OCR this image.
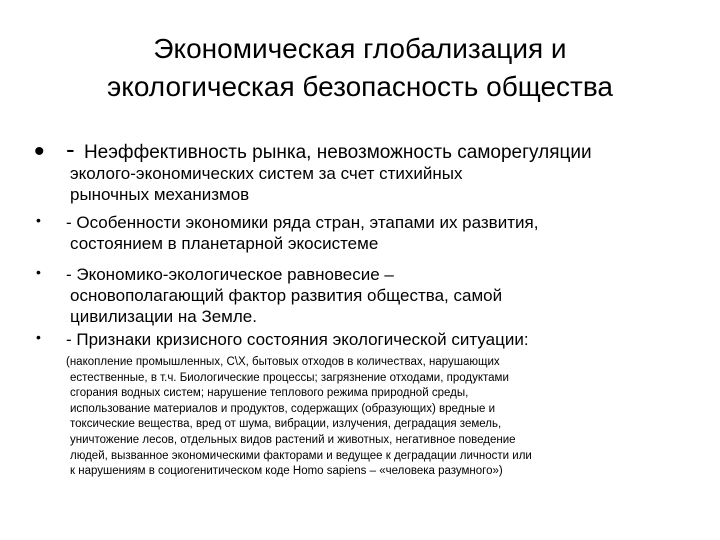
Экономическая глобализация и
экологическая безопасность общества
• - Неэффективность рынка, невозможность саморегуляции
эколого-экономических систем за счет стихийных
рыночных механизмов
• - Особенности экономики ряда стран, этапами их развития,
состоянием в планетарной экосистеме
• - Экономико-экологическое равновесие –
основополагающий фактор развития общества, самой
цивилизации на Земле.
• - Признаки кризисного состояния экологической ситуации:
(накопление промышленных, С\Х, бытовых отходов в количествах, нарушающих
естественные, в т.ч. Биологические процессы; загрязнение отходами, продуктами
сгорания водных систем; нарушение теплового режима природной среды,
использование материалов и продуктов, содержащих (образующих) вредные и
токсические вещества, вред от шума, вибрации, излучения, деградация земель,
уничтожение лесов, отдельных видов растений и животных, негативное поведение
людей, вызванное экономическими факторами и ведущее к деградации личности или
к нарушениям в социогенитическом коде Homo sapiens – «человека разумного»)
